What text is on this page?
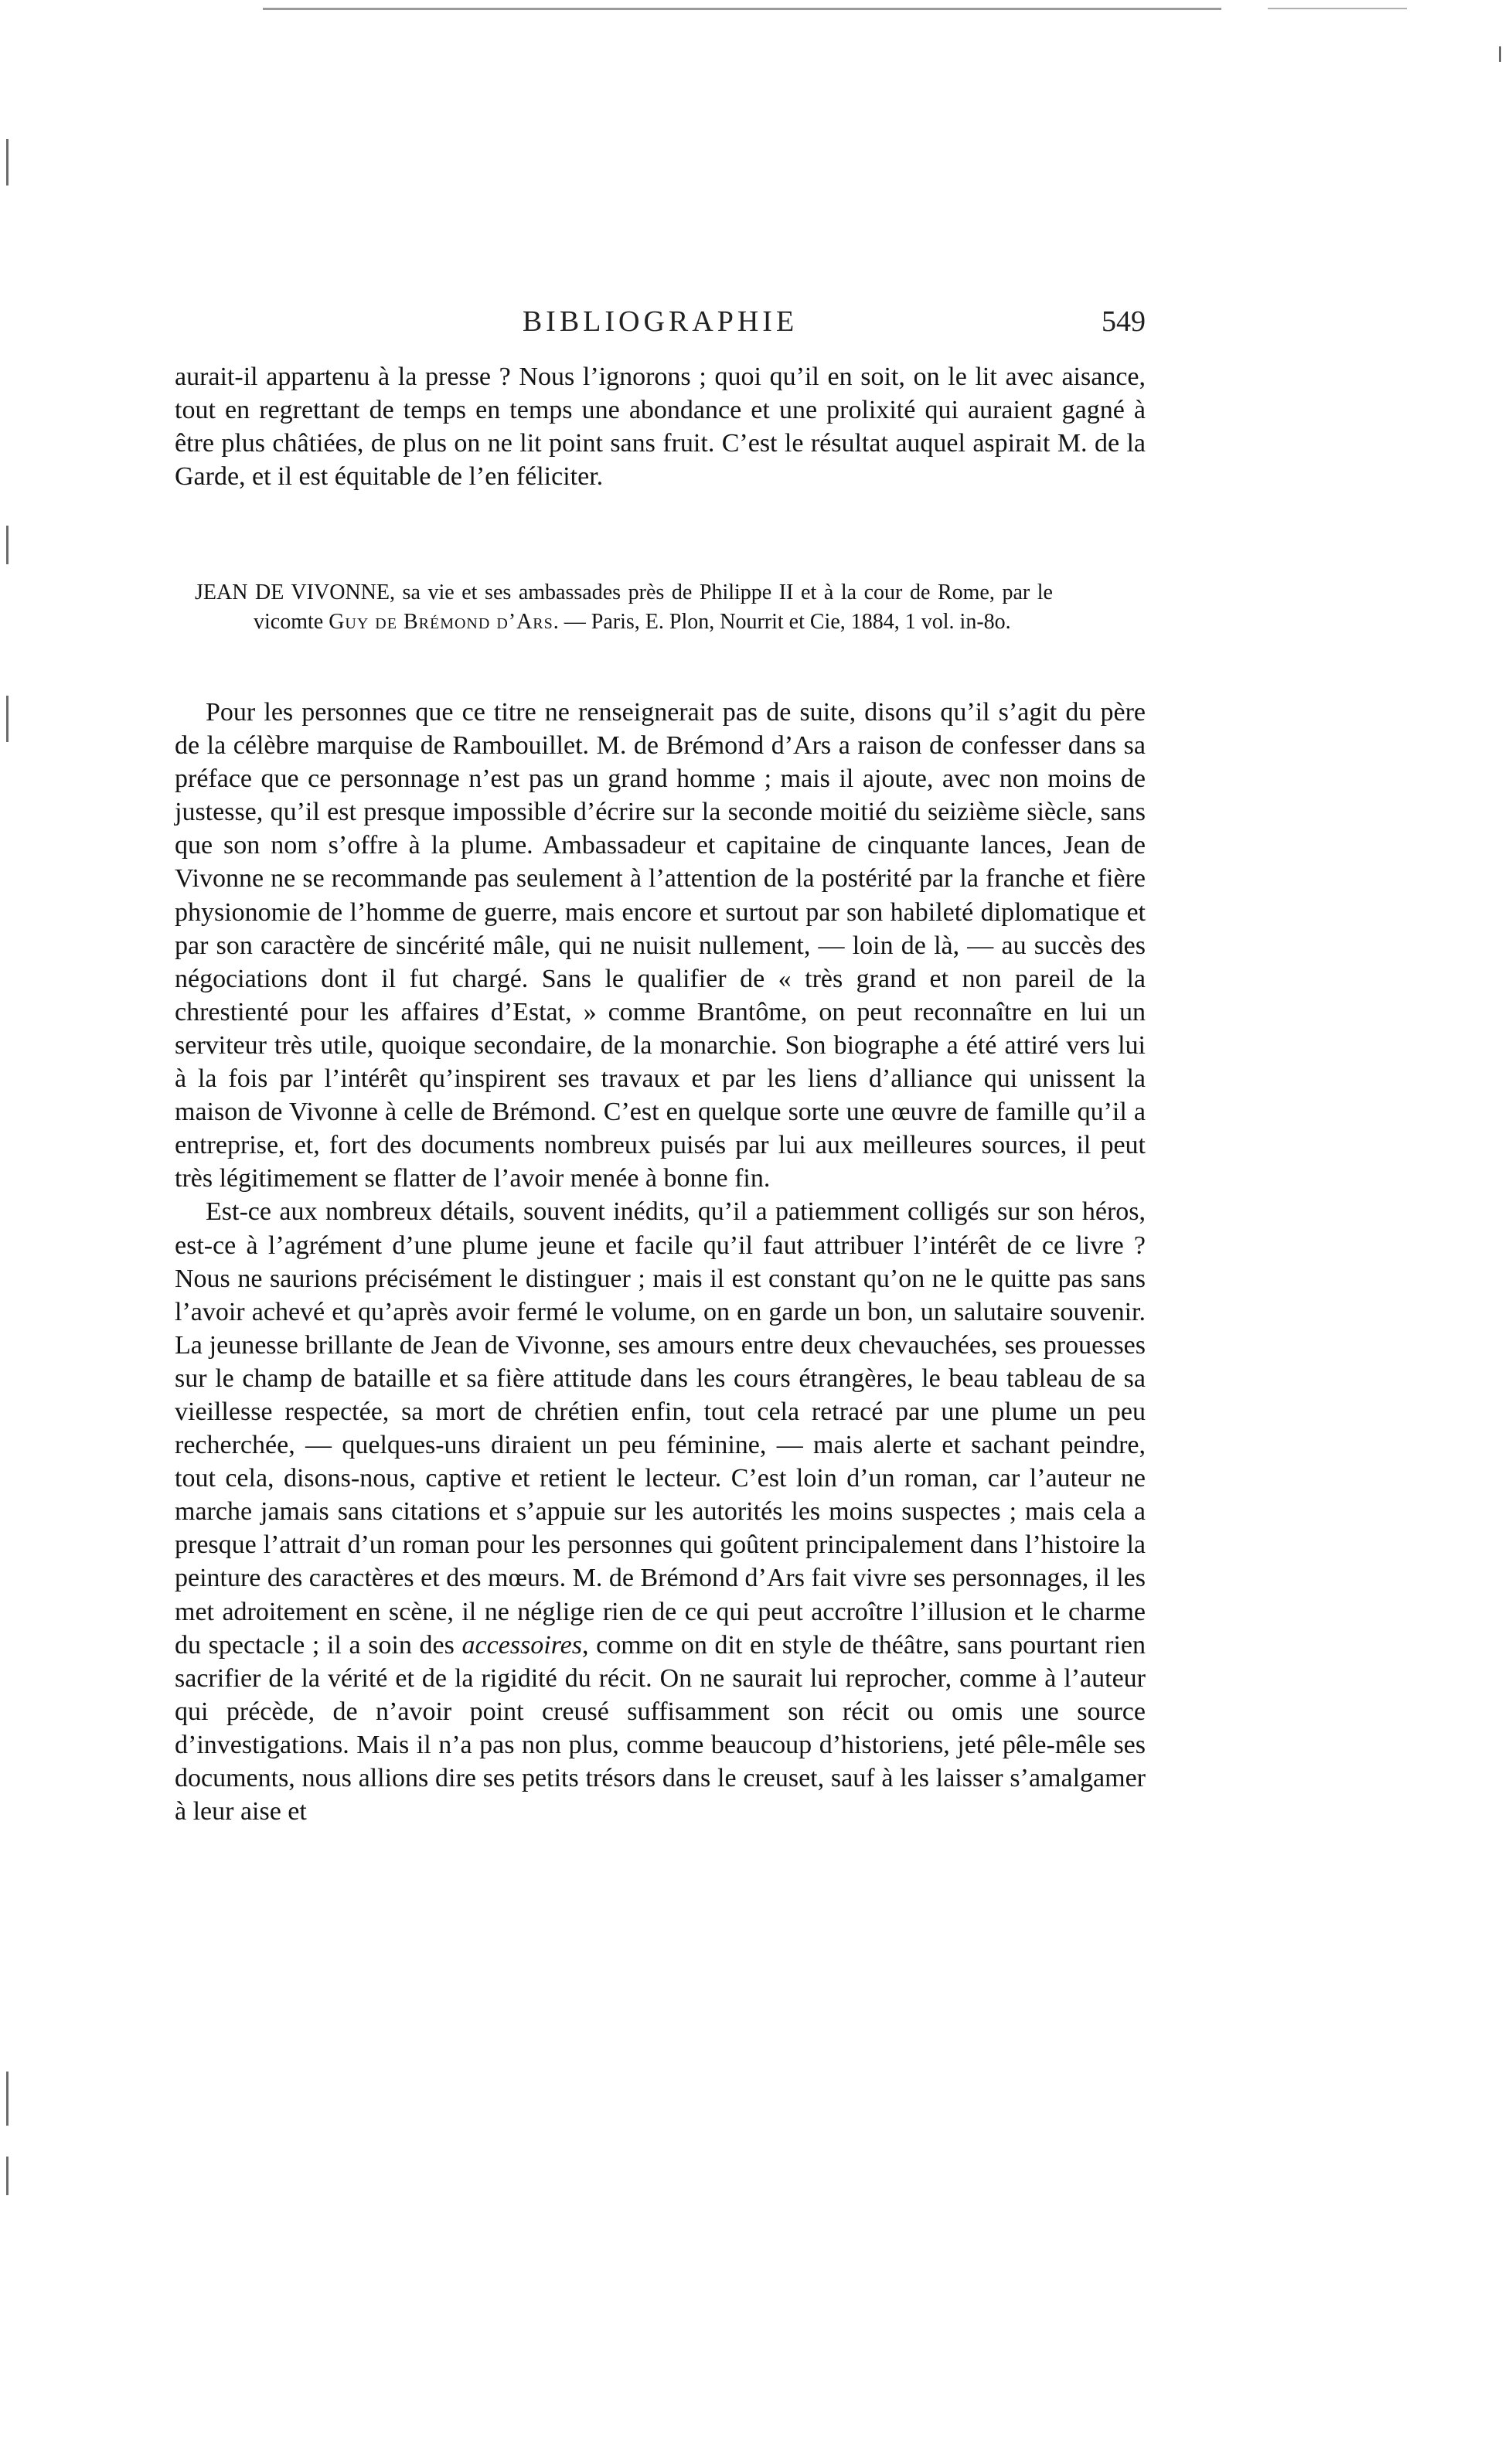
BIBLIOGRAPHIE	549

aurait-il appartenu à la presse ? Nous l’ignorons ; quoi qu’il en soit, on le lit avec aisance, tout en regrettant de temps en temps une abondance et une prolixité qui auraient gagné à être plus châtiées, de plus on ne lit point sans fruit. C’est le résultat auquel aspirait M. de la Garde, et il est équitable de l’en féliciter.

JEAN DE VIVONNE, sa vie et ses ambassades près de Philippe II et à la cour de Rome, par le vicomte Guy de Brémond d’Ars. — Paris, E. Plon, Nourrit et Cie, 1884, 1 vol. in-8o.

Pour les personnes que ce titre ne renseignerait pas de suite, disons qu’il s’agit du père de la célèbre marquise de Rambouillet. M. de Brémond d’Ars a raison de confesser dans sa préface que ce personnage n’est pas un grand homme ; mais il ajoute, avec non moins de justesse, qu’il est presque impossible d’écrire sur la seconde moitié du seizième siècle, sans que son nom s’offre à la plume. Ambassadeur et capitaine de cinquante lances, Jean de Vivonne ne se recommande pas seulement à l’attention de la postérité par la franche et fière physionomie de l’homme de guerre, mais encore et surtout par son habileté diplomatique et par son caractère de sincérité mâle, qui ne nuisit nullement, — loin de là, — au succès des négociations dont il fut chargé. Sans le qualifier de « très grand et non pareil de la chrestienté pour les affaires d’Estat, » comme Brantôme, on peut reconnaître en lui un serviteur très utile, quoique secondaire, de la monarchie. Son biographe a été attiré vers lui à la fois par l’intérêt qu’inspirent ses travaux et par les liens d’alliance qui unissent la maison de Vivonne à celle de Brémond. C’est en quelque sorte une œuvre de famille qu’il a entreprise, et, fort des documents nombreux puisés par lui aux meilleures sources, il peut très légitimement se flatter de l’avoir menée à bonne fin.

Est-ce aux nombreux détails, souvent inédits, qu’il a patiemment colligés sur son héros, est-ce à l’agrément d’une plume jeune et facile qu’il faut attribuer l’intérêt de ce livre ? Nous ne saurions précisément le distinguer ; mais il est constant qu’on ne le quitte pas sans l’avoir achevé et qu’après avoir fermé le volume, on en garde un bon, un salutaire souvenir. La jeunesse brillante de Jean de Vivonne, ses amours entre deux chevauchées, ses prouesses sur le champ de bataille et sa fière attitude dans les cours étrangères, le beau tableau de sa vieillesse respectée, sa mort de chrétien enfin, tout cela retracé par une plume un peu recherchée, — quelques-uns diraient un peu féminine, — mais alerte et sachant peindre, tout cela, disons-nous, captive et retient le lecteur. C’est loin d’un roman, car l’auteur ne marche jamais sans citations et s’appuie sur les autorités les moins suspectes ; mais cela a presque l’attrait d’un roman pour les personnes qui goûtent principalement dans l’histoire la peinture des caractères et des mœurs. M. de Brémond d’Ars fait vivre ses personnages, il les met adroitement en scène, il ne néglige rien de ce qui peut accroître l’illusion et le charme du spectacle ; il a soin des accessoires, comme on dit en style de théâtre, sans pourtant rien sacrifier de la vérité et de la rigidité du récit. On ne saurait lui reprocher, comme à l’auteur qui précède, de n’avoir point creusé suffisamment son récit ou omis une source d’investigations. Mais il n’a pas non plus, comme beaucoup d’historiens, jeté pêle-mêle ses documents, nous allions dire ses petits trésors dans le creuset, sauf à les laisser s’amalgamer à leur aise et
